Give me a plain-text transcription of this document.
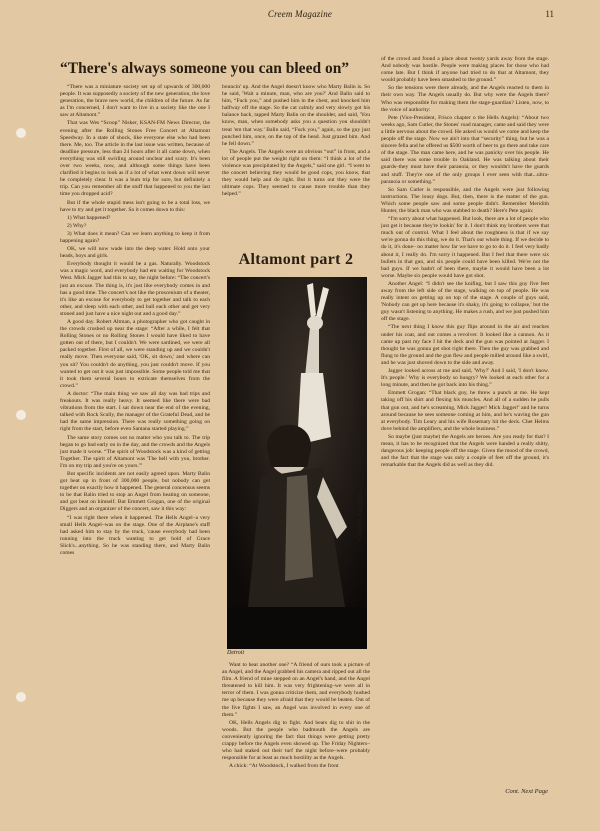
Creem Magazine	11
“There's always someone you can bleed on”

“There was a miniature society set up of upwards of 300,000 people. It was supposedly a society of the new generation, the love generation, the brave new world, the children of the future. As far as I'm concerned, I don't want to live in a society like the one I saw at Altamont.”

That was Wes “Scoop” Nisker, KSAN-FM News Director, the evening after the Rolling Stones Free Concert at Altamont Speedway. In a state of shock, like everyone else who had been there. Me, too. The article in the last issue was written, because of deadline pressure, less than 24 hours after it all came down, when everything was still swirling around unclear and scary. It's been over two weeks, now, and although some things have been clarified it begins to look as if a lot of what went down will never be completely clear. It was a bum trip for sure, but definitely a trip. Can you remember all the stuff that happened to you the last time you dropped acid?

But if the whole stupid mess isn't going to be a total loss, we have to try and get it together. So it comes down to this:

1) What happened?

2) Why?

3) What does it mean? Can we learn anything to keep it from happening again?

OK, we will now wade into the deep water. Hold onto your heads, boys and girls.

Everybody thought it would be a gas. Naturally. Woodstock was a magic word, and everybody had em waiting for Woodstock West. Mick Jagger had this to say, the night before: “The concert's just an excuse. The thing is, it's just like everybody comes in and has a good time. The concert's not like the proscenium of a theater, it's like an excuse for everybody to get together and talk to each other, and sleep with each other, and ball each other and get very stoned and just have a nice night out and a good day.”

A good day. Robert Altman, a photographer who got caught in the crowds crushed up near the stage: “After a while, I felt that Rolling Stones or no Rolling Stones I would have liked to have gotten out of there, but I couldn't. We were sardined, we were all packed together. First of all, we were standing up and we couldn't really move. Then everyone said, 'OK, sit down,' and where can you sit? You couldn't do anything, you just couldn't move. If you wanted to get out it was just impossible. Some people told me that it took them several hours to extricate themselves from the crowd.”

A doctor: “The main thing we saw all day was bad trips and freakouts. It was really heavy. It seemed like there were bad vibrations from the start. I sat down near the end of the evening, talked with Rock Scully, the manager of the Grateful Dead, and he had the same impression. There was really something going on right from the start, before even Santana started playing.”

The same story comes out no matter who you talk to. The trip began to go bad early on in the day, and the crowds and the Angels just made it worse. “The spirit of Woodstock was a kind of getting Together. The spirit of Altamont was 'The hell with you, brother. I'm on my trip and you're on yours.'”

But specific incidents are not easily agreed upon. Marty Balin got beat up in front of 300,000 people, but nobody can get together on exactly how it happened. The general concensus seems to be that Balin tried to stop an Angel from beating on someone, and got beat on himself. But Emmett Grogan, one of the original Diggers and an organizer of the concert, saw it this way:

“I was right there when it happened. The Hells Angel–a very small Hells Angel–was on the stage. One of the Airplane's staff had asked him to stay by the truck, 'cause everybody had been running into the truck wanting to get hold of Grace Slick's...anything. So he was standing there, and Marty Balin comes

bouncin' up. And the Angel doesn't know who Marty Balin is. So he said, 'Wait a minute, man, who are you?' And Balin said to him, “Fuck you,” and pushed him in the chest, and knocked him halfway off the stage. So the cat calmly and very slowly got his balance back, tapped Marty Balin on the shoulder, and said, 'You know, man, when somebody asks you a question you shouldn't treat 'em that way.' Balin said, “Fuck you,” again, so the guy just punched him, once, on the top of the head. Just grazed him. And he fell down.”

The Angels. The Angels were an obvious “out” in front, and a lot of people put the weight right on them: “I think a lot of the violence was precipitated by the Angels,” said one girl. “I went to the concert believing they would be good cops, you know, that they would help and do right. But it turns out they were the ultimate cops. They seemed to cause more trouble than they helped.”

Altamont part 2
Charles Auringer
Detroit

Want to hear another one? “A friend of ours took a picture of an Angel, and the Angel grabbed his camera and ripped out all the film. A friend of mine stepped on an Angel's hand, and the Angel threatened to kill him. It was very frightening–we were all in terror of them. I was gonna criticize them, and everybody hushed me up because they were afraid that they would be beaten. Out of the five fights I saw, an Angel was involved in every one of them.”

OK, Hells Angels dig to fight. And bears dig to shit in the woods. But the people who badmouth the Angels are conveniently ignoring the fact that things were getting pretty crappy before the Angels even showed up. The Friday Nighters–who had staked out their turf the night before–were probably responsible for at least as much hostility as the Angels.

A chick: “At Woodstock, I walked from the front

of the crowd and found a place about twenty yards away from the stage. And nobody was hostile. People were making places for those who had come late. But I think if anyone had tried to do that at Altamont, they would probably have been smashed to the ground.”

So the tensions were there already, and the Angels reacted to them in their own way. The Angels usually do. But why were the Angels there? Who was responsible for making them the stage-guardian? Listen, now, to the voice of authority:

Pete (Vice-President, Frisco chapter o the Hells Angels): “About two weeks ago, Sam Cutler, the Stones' road manager, came and said they were a little nervous about the crowd. He asked us would we come and keep the people off the stage. Now we ain't into that “security” thing, but he was a sincere fella and he offered us $500 worth of beer to go there and take care of the stage. The man came here, and he was panicky over his people. He said there was some trouble in Oakland. He was talking about their guards–they must have their paranoia, or they wouldn't have the guards and stuff. They're one of the only groups I ever seen with that...ultra- paranoia or something.”

So Sam Cutler is responsible, and the Angels were just following instructions. The lousy dogs. But, then, there is the matter of the gun. Which some people saw and some people didn't. Remember Meridith Hunter, the black man who was stabbed to death? Here's Pete again:

“I'm sorry about what happened. But look, there are a lot of people who just get it because they're lookin' for it. I don't think my brothers were that much out of control. What I feel about the roughness is that if we say we're gonna do this thing, we do it. That's our whole thing. If we decide to do it, it's done– no matter how far we have to go to do it. I feel very badly about it, I really do. I'm sorry it happened. But I feel that there were six bullets in that gun, and six people could have been killed. We're not the bad guys. If we hadn't of been there, maybe it would have been a lot worse. Maybe six people would have got shot.

Another Angel: “I didn't see the knifing, but I saw this guy five feet away from the left side of the stage, walking on top of people. He was really intent on getting up on top of the stage. A couple of guys said, 'Nobody can get up here because it's shaky, it's going to collapse,' but the guy wasn't listening to anything. He makes a rush, and we just pushed him off the stage.

“The next thing I know this guy flips around in the air and reaches under his coat, and out comes a revolver. It looked like a cannon. As it came up past my face I hit the deck and the gun was pointed at Jagger. I thought he was gonna get shot right there. Then the guy was grabbed and flung to the ground and the gun flew and people milled around like a swirl, and he was just shoved down to the side and away.

Jagger looked across at me and said, 'Why?' And I said, 'I don't know. It's people.' Why is everybody so hungry? We looked at each other for a long minute, and then he got back into his thing.”

Emmett Grogan: “That black guy, he threw a punch at me. He kept taking off his shirt and flexing his muscles. And all of a sudden he pulls that gun out, and he's screaming, Mick Jagger! Mick Jagger!' and he turns around because he sees someone coming at him, and he's waving the gun at everybody. Tim Leary and his wife Rosemary hit the deck. Chet Helms dove behind the amplifiers, and the whole business.”

So maybe (just maybe) the Angels are heroes. Are you ready for that? I mean, it has to be recognized that the Angels were handed a really shitty, dangerous job: keeping people off the stage. Given the mood of the crowd, and the fact that the stage was only a couple of feet off the ground, it's remarkable that the Angels did as well as they did.

Cont. Next Page
